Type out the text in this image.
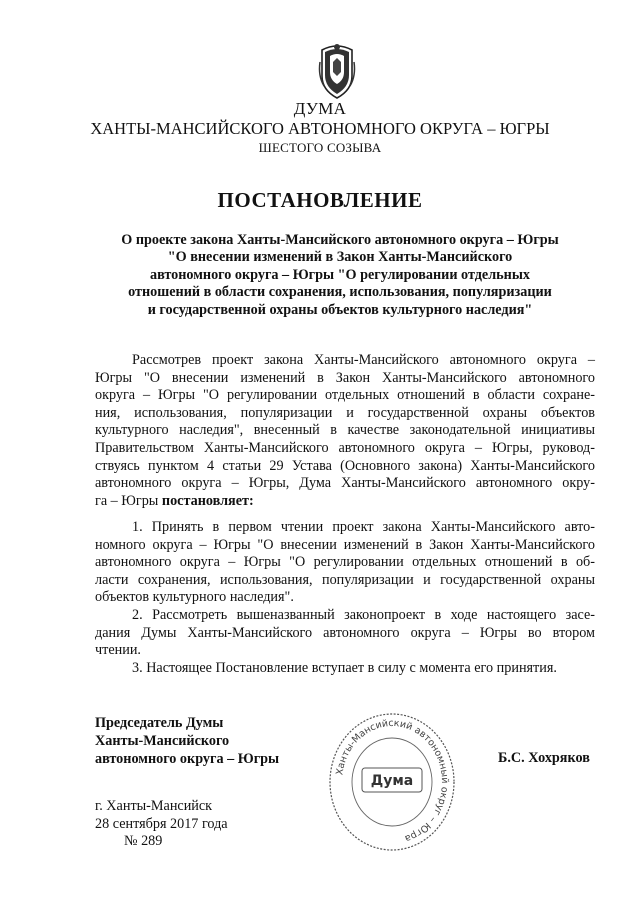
ДУМА
ХАНТЫ-МАНСИЙСКОГО АВТОНОМНОГО ОКРУГА – ЮГРЫ
ШЕСТОГО СОЗЫВА
ПОСТАНОВЛЕНИЕ
О проекте закона Ханты-Мансийского автономного округа – Югры
"О внесении изменений в Закон Ханты-Мансийского
автономного округа – Югры "О регулировании отдельных
отношений в области сохранения, использования, популяризации
и государственной охраны объектов культурного наследия"
Рассмотрев проект закона Ханты-Мансийского автономного округа –
Югры "О внесении изменений в Закон Ханты-Мансийского автономного
округа – Югры "О регулировании отдельных отношений в области сохране-
ния, использования, популяризации и государственной охраны объектов
культурного наследия", внесенный в качестве законодательной инициативы
Правительством Ханты-Мансийского автономного округа – Югры, руковод-
ствуясь пунктом 4 статьи 29 Устава (Основного закона) Ханты-Мансийского
автономного округа – Югры, Дума Ханты-Мансийского автономного окру-
га – Югры постановляет:
1. Принять в первом чтении проект закона Ханты-Мансийского авто-
номного округа – Югры "О внесении изменений в Закон Ханты-Мансийского
автономного округа – Югры "О регулировании отдельных отношений в об-
ласти сохранения, использования, популяризации и государственной охраны
объектов культурного наследия".
2. Рассмотреть вышеназванный законопроект в ходе настоящего засе-
дания Думы Ханты-Мансийского автономного округа – Югры во втором
чтении.
3. Настоящее Постановление вступает в силу с момента его принятия.
Председатель Думы
Ханты-Мансийского
автономного округа – Югры
Ханты-Мансийский автономный округ – Югра
Дума
Б.С. Хохряков
г. Ханты-Мансийск
28 сентября 2017 года
№ 289
